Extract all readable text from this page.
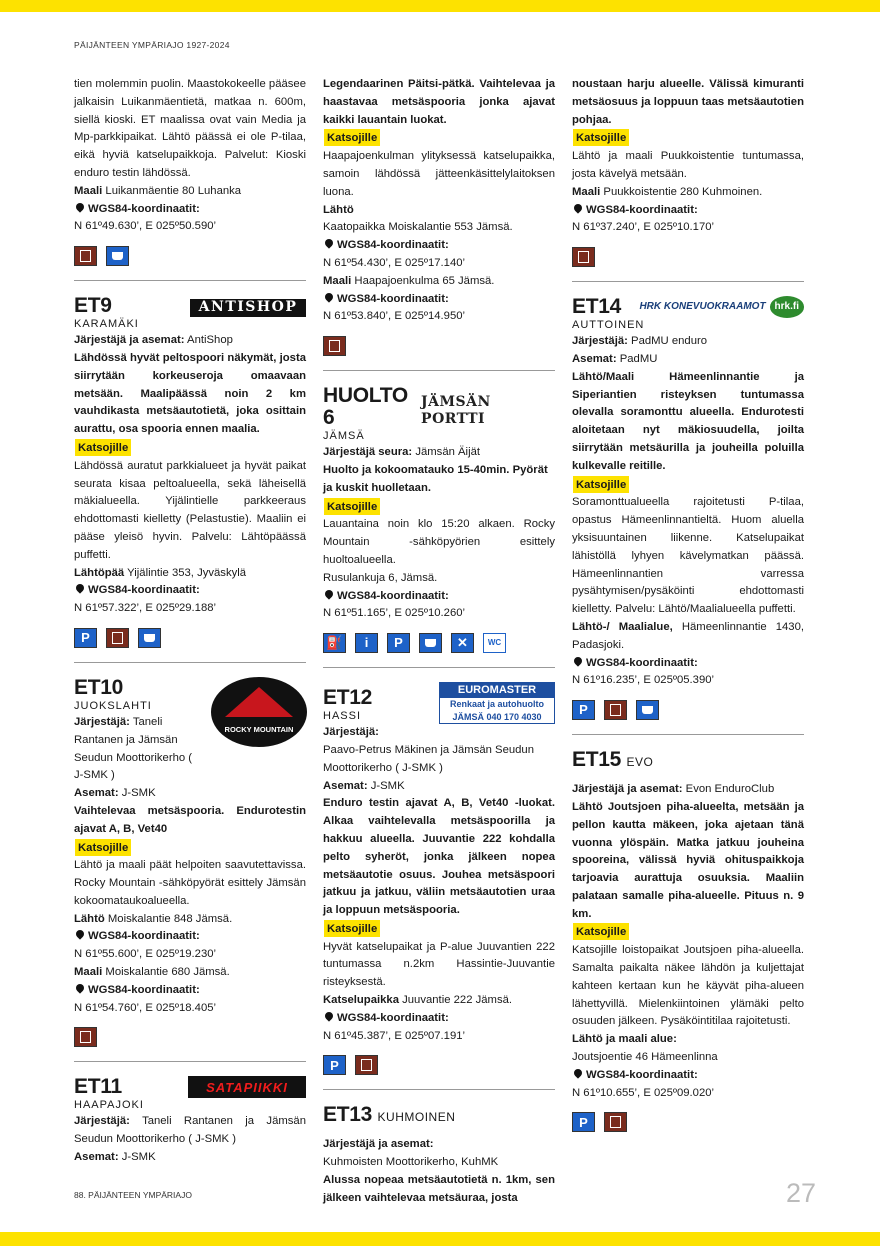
PÄIJÄNTEEN YMPÄRIAJO 1927-2024

tien molemmin puolin. Maastokokeelle pääsee jalkaisin Luikanmäentietä, matkaa n. 600m, siellä kioski. ET maalissa ovat vain Media ja Mp-parkkipaikat. Lähtö päässä ei ole P-tilaa, eikä hyviä katselupaikkoja. Palvelut: Kioski enduro testin lähdössä.

Maali Luikanmäentie 80 Luhanka

WGS84-koordinaatit:

N 61º49.630’, E 025º50.590’

ET9	ANTISHOP
KARAMÄKI

Järjestäjä ja asemat: AntiShop

Lähdössä hyvät peltospoori näkymät, josta siirrytään korkeuseroja omaavaan metsään. Maalipäässä noin 2 km vauhdikasta metsäautotietä, joka osittain aurattu, osa spooria ennen maalia.

Katsojille

Lähdössä auratut parkkialueet ja hyvät paikat seurata kisaa peltoalueella, sekä läheisellä mäkialueella. Yijälintielle parkkeeraus ehdottomasti kielletty (Pelastustie). Maaliin ei pääse yleisö hyvin. Palvelu: Lähtöpäässä puffetti.

Lähtöpää Yijälintie 353, Jyväskylä

WGS84-koordinaatit:

N 61º57.322’, E 025º29.188’

P
ROCKY MOUNTAIN
ET10
JUOKSLAHTI

Järjestäjä: Taneli Rantanen ja Jämsän Seudun Moottorikerho ( J-SMK )

Asemat: J-SMK

Vaihtelevaa metsäspooria. Endurotestin ajavat A, B, Vet40

Katsojille

Lähtö ja maali päät helpoiten saavutettavissa. Rocky Mountain -sähköpyörät esittely Jämsän kokoomataukoalueella.

Lähtö Moiskalantie 848 Jämsä.

WGS84-koordinaatit:

N 61º55.600’, E 025º19.230’

Maali Moiskalantie 680 Jämsä.

WGS84-koordinaatit:

N 61º54.760’, E 025º18.405’

ET11	SATAPIIKKI
HAAPAJOKI

Järjestäjä: Taneli Rantanen ja Jämsän Seudun Moottorikerho ( J-SMK )

Asemat: J-SMK

Legendaarinen Päitsi-pätkä. Vaihtelevaa ja haastavaa metsäspooria jonka ajavat kaikki lauantain luokat.

Katsojille

Haapajoenkulman ylityksessä katselupaikka, samoin lähdössä jätteenkäsittelylaitoksen luona.

Lähtö

Kaatopaikka Moiskalantie 553 Jämsä.

WGS84-koordinaatit:

N 61º54.430’, E 025º17.140’

Maali Haapajoenkulma 65 Jämsä.

WGS84-koordinaatit:

N 61º53.840’, E 025º14.950’

HUOLTO 6
JÄMSÄN PORTTI
JÄMSÄ

Järjestäjä seura: Jämsän Äijät

Huolto ja kokoomatauko 15-40min. Pyörät ja kuskit huolletaan.

Katsojille

Lauantaina noin klo 15:20 alkaen. Rocky Mountain -sähköpyörien esittely huoltoalueella.

Rusulankuja 6, Jämsä.

WGS84-koordinaatit:

N 61º51.165’, E 025º10.260’

⛽	i	P	✕	WC
ET12
HASSI
EUROMASTER
Renkaat ja autohuolto
JÄMSÄ 040 170 4030

Järjestäjä:

Paavo-Petrus Mäkinen ja Jämsän Seudun Moottorikerho ( J-SMK )

Asemat: J-SMK

Enduro testin ajavat A, B, Vet40 -luokat. Alkaa vaihtelevalla metsäspoorilla ja hakkuu alueella. Juuvantie 222 kohdalla pelto syheröt, jonka jälkeen nopea metsäautotie osuus. Jouhea metsäspoori jatkuu ja jatkuu, väliin metsäautotien uraa ja loppuun metsäspooria.

Katsojille

Hyvät katselupaikat ja P-alue Juuvantien 222 tuntumassa n.2km Hassintie-Juuvantie risteyksestä.

Katselupaikka Juuvantie 222 Jämsä.

WGS84-koordinaatit:

N 61º45.387’, E 025º07.191’

P
ET13 KUHMOINEN

Järjestäjä ja asemat:

Kuhmoisten Moottorikerho, KuhMK

Alussa nopeaa metsäautotietä n. 1km, sen jälkeen vaihtelevaa metsäuraa, josta

noustaan harju alueelle. Välissä kimuranti metsäosuus ja loppuun taas metsäautotien pohjaa.

Katsojille

Lähtö ja maali Puukkoistentie tuntumassa, josta kävelyä metsään.

Maali Puukkoistentie 280 Kuhmoinen.

WGS84-koordinaatit:

N 61º37.240’, E 025º10.170’

ET14 HRK KONEVUOKRAAMOT hrk.fi
AUTTOINEN

Järjestäjä: PadMU enduro

Asemat: PadMU

Lähtö/Maali Hämeenlinnantie ja Siperiantien risteyksen tuntumassa olevalla soramonttu alueella. Endurotesti aloitetaan nyt mäkiosuudella, joilta siirrytään metsäurilla ja jouheilla poluilla kulkevalle reitille.

Katsojille

Soramonttualueella rajoitetusti P-tilaa, opastus Hämeenlinnantieltä. Huom aluella yksisuuntainen liikenne. Katselupaikat lähistöllä lyhyen kävelymatkan päässä. Hämeenlinnantien varressa pysähtymisen/pysäköinti ehdottomasti kielletty. Palvelu: Lähtö/Maalialueella puffetti.

Lähtö-/ Maalialue, Hämeenlinnantie 1430, Padasjoki.

WGS84-koordinaatit:

N 61º16.235’, E 025º05.390’

P
ET15 EVO

Järjestäjä ja asemat: Evon EnduroClub

Lähtö Joutsjoen piha-alueelta, metsään ja pellon kautta mäkeen, joka ajetaan tänä vuonna ylöspäin. Matka jatkuu jouheina spooreina, välissä hyviä ohituspaikkoja tarjoavia aurattuja osuuksia. Maaliin palataan samalle piha-alueelle. Pituus n. 9 km.

Katsojille

Katsojille loistopaikat Joutsjoen piha-alueella. Samalta paikalta näkee lähdön ja kuljettajat kahteen kertaan kun he käyvät piha-alueen lähettyvillä. Mielenkiintoinen ylämäki pelto osuuden jälkeen. Pysäköintitilaa rajoitetusti.

Lähtö ja maali alue:

Joutsjoentie 46 Hämeenlinna

WGS84-koordinaatit:

N 61º10.655’, E 025º09.020’

P
88. PÄIJÄNTEEN YMPÄRIAJO	27
